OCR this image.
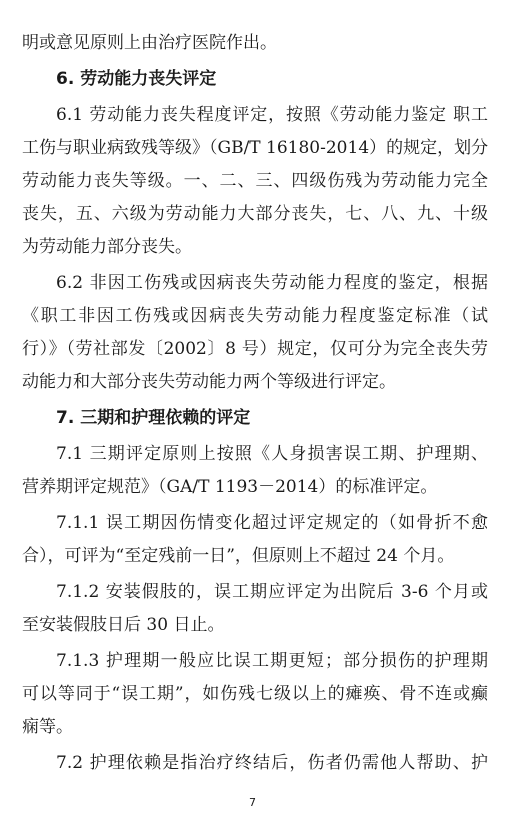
明或意见原则上由治疗医院作出。
6. 劳动能力丧失评定
6.1 劳动能力丧失程度评定，按照《劳动能力鉴定 职工
工伤与职业病致残等级》（GB/T 16180-2014）的规定，划分
劳动能力丧失等级。一、二、三、四级伤残为劳动能力完全
丧失，五、六级为劳动能力大部分丧失，七、八、九、十级
为劳动能力部分丧失。
6.2 非因工伤残或因病丧失劳动能力程度的鉴定，根据
《职工非因工伤残或因病丧失劳动能力程度鉴定标准（试
行）》（劳社部发〔2002〕8 号）规定，仅可分为完全丧失劳
动能力和大部分丧失劳动能力两个等级进行评定。
7. 三期和护理依赖的评定
7.1 三期评定原则上按照《人身损害误工期、护理期、
营养期评定规范》（GA/T 1193－2014）的标准评定。
7.1.1 误工期因伤情变化超过评定规定的（如骨折不愈
合），可评为“至定残前一日”，但原则上不超过 24 个月。
7.1.2 安装假肢的，误工期应评定为出院后 3-6 个月或
至安装假肢日后 30 日止。
7.1.3 护理期一般应比误工期更短；部分损伤的护理期
可以等同于“误工期”，如伤残七级以上的瘫痪、骨不连或癫
7
痫等。
7.2 护理依赖是指治疗终结后，伤者仍需他人帮助、护
